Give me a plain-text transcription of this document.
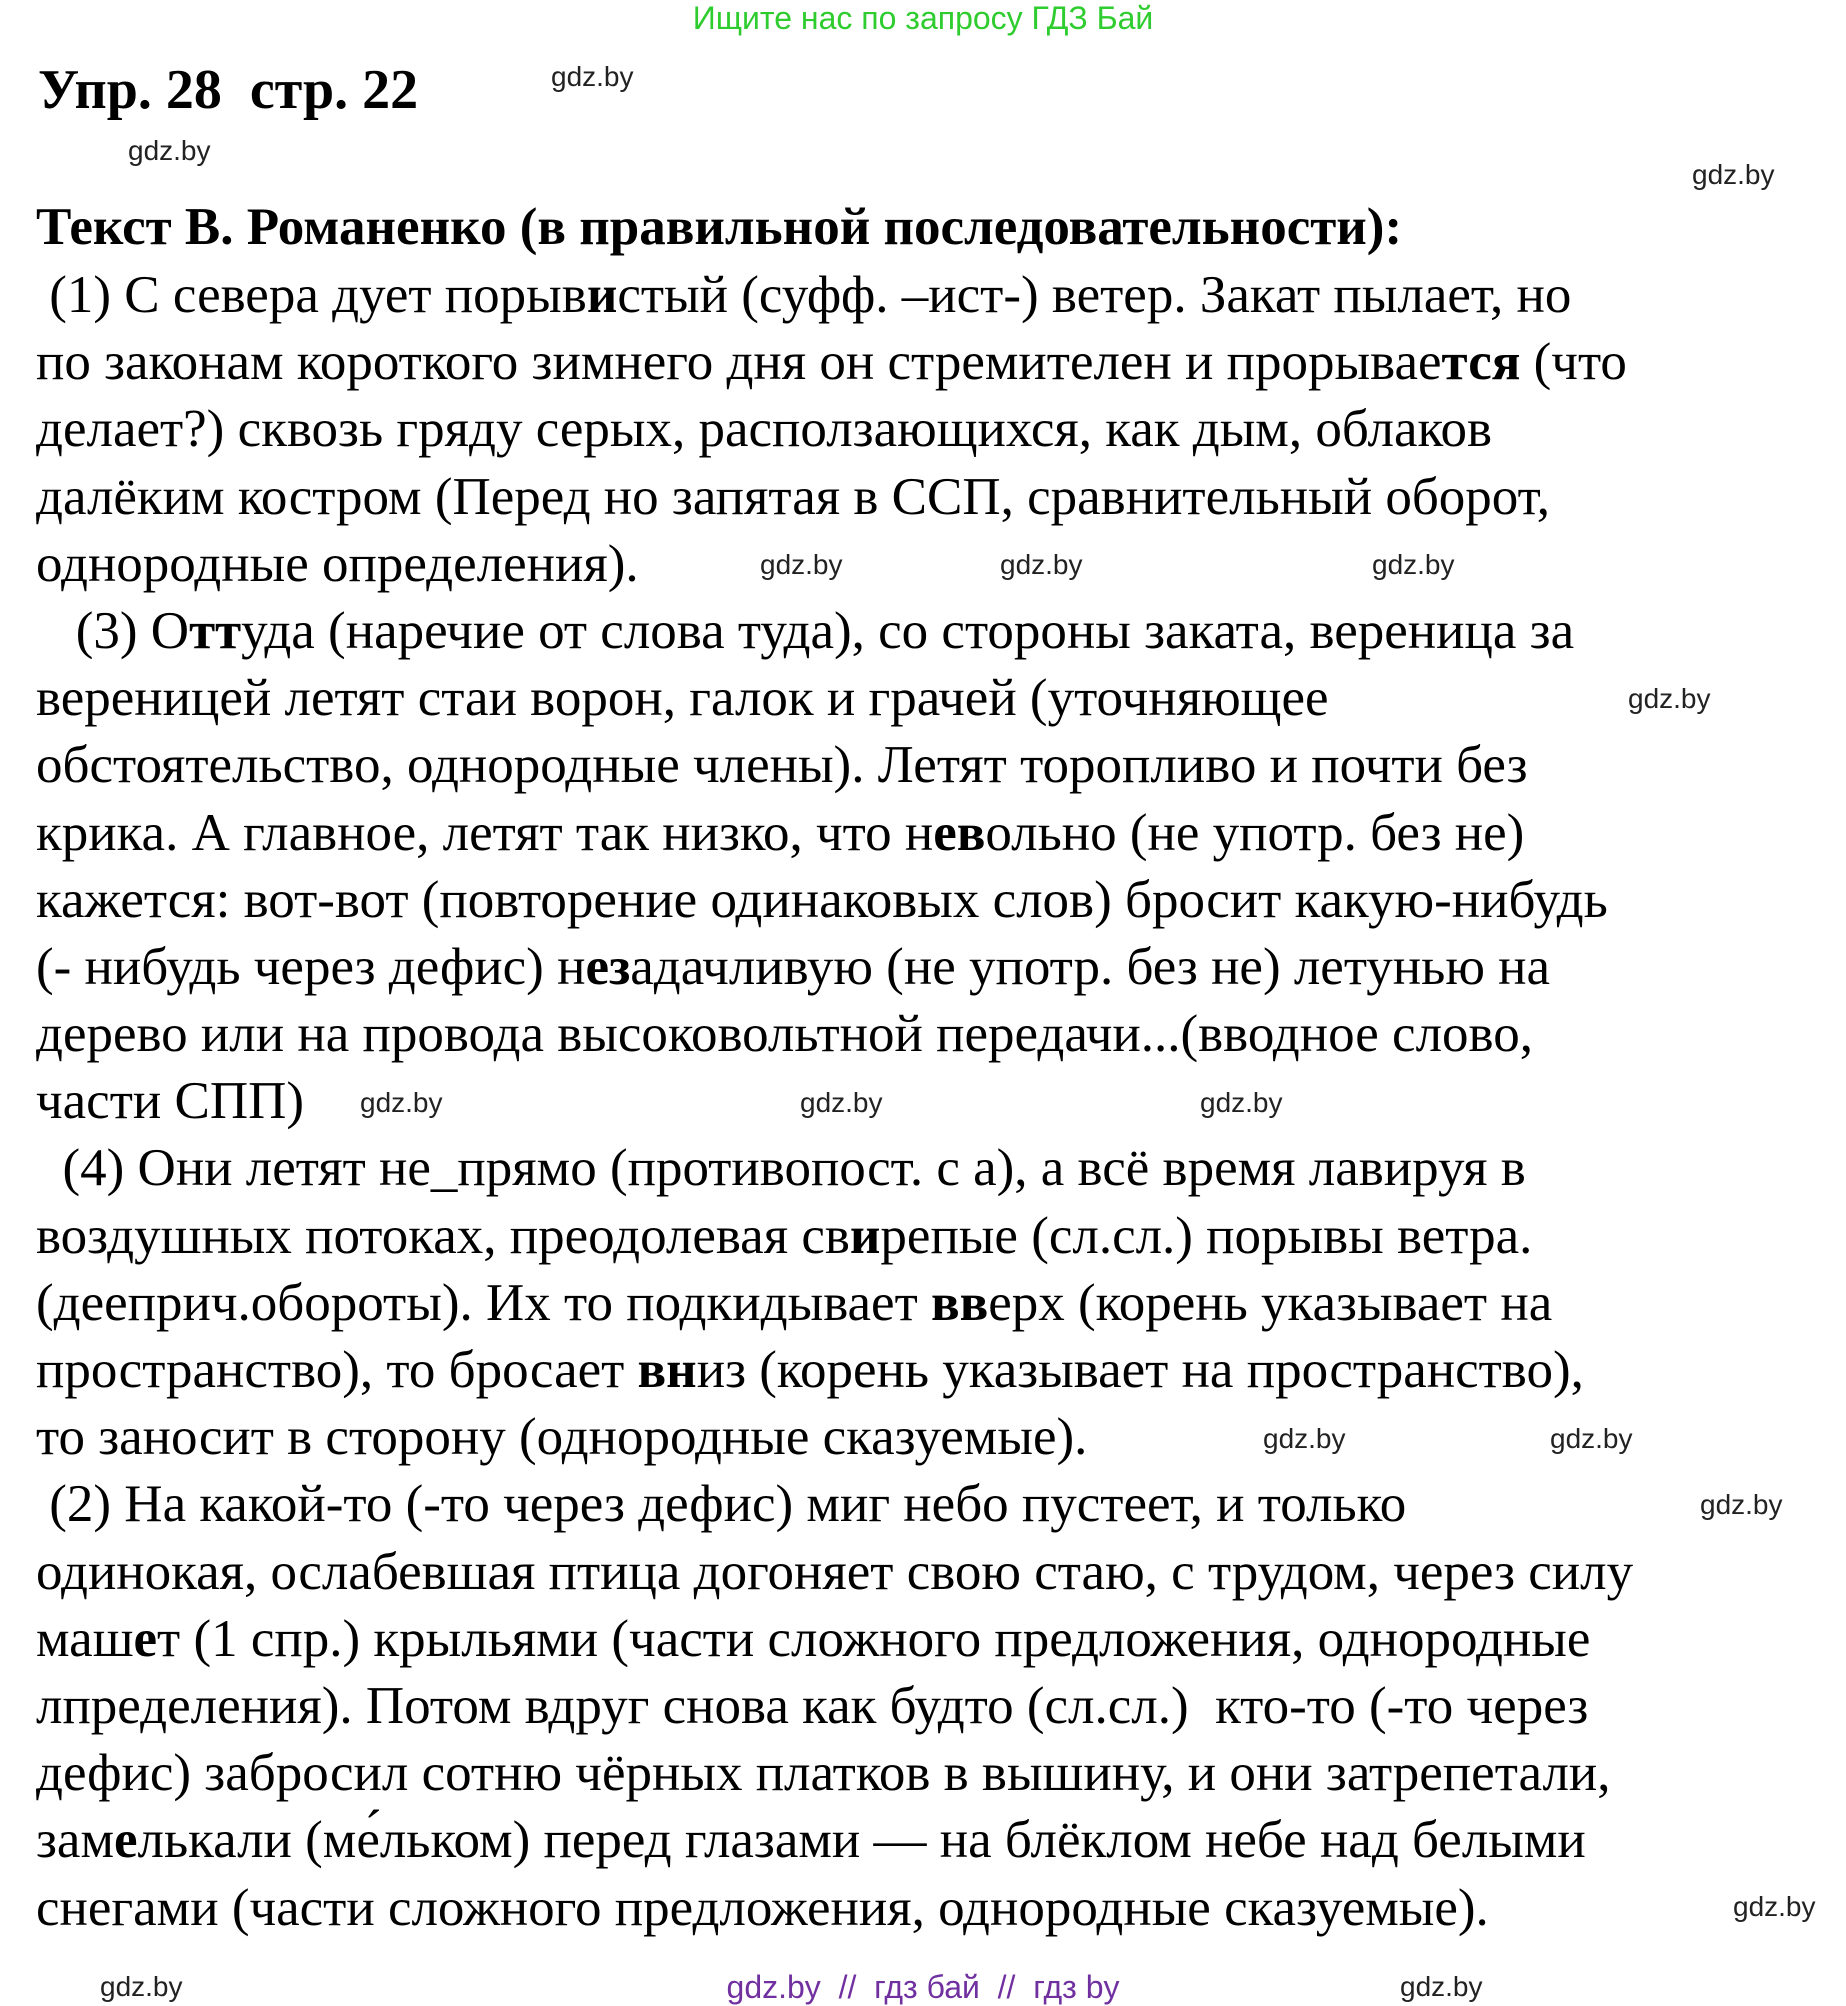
Ищите нас по запросу ГДЗ Бай
Упр. 28  стр. 22
Текст В. Романенко (в правильной последовательности):
(1) С севера дует порывистый (суфф. –ист-) ветер. Закат пылает, но
по законам короткого зимнего дня он стремителен и прорывается (что
делает?) сквозь гряду серых, расползающихся, как дым, облаков
далёким костром (Перед но запятая в ССП, сравнительный оборот,
однородные определения).
(3) Оттуда (наречие от слова туда), со стороны заката, вереница за
вереницей летят стаи ворон, галок и грачей (уточняющее
обстоятельство, однородные члены). Летят торопливо и почти без
крика. А главное, летят так низко, что невольно (не употр. без не)
кажется: вот-вот (повторение одинаковых слов) бросит какую-нибудь
(- нибудь через дефис) незадачливую (не употр. без не) летунью на
дерево или на провода высоковольтной передачи...(вводное слово,
части СПП)
(4) Они летят не_прямо (противопост. с а), а всё время лавируя в
воздушных потоках, преодолевая свирепые (сл.сл.) порывы ветра.
(дееприч.обороты). Их то подкидывает вверх (корень указывает на
пространство), то бросает вниз (корень указывает на пространство),
то заносит в сторону (однородные сказуемые).
(2) На какой-то (-то через дефис) миг небо пустеет, и только
одинокая, ослабевшая птица догоняет свою стаю, с трудом, через силу
машет (1 спр.) крыльями (части сложного предложения, однородные
лпределения). Потом вдруг снова как будто (сл.сл.)  кто-то (-то через
дефис) забросил сотню чёрных платков в вышину, и они затрепетали,
замелькали (ме́льком) перед глазами — на блёклом небе над белыми
снегами (части сложного предложения, однородные сказуемые).
gdz.by
gdz.by
gdz.by
gdz.by	gdz.by	gdz.by
gdz.by
gdz.by	gdz.by	gdz.by
gdz.by	gdz.by
gdz.by
gdz.by
gdz.by	gdz.by
gdz.by  //  гдз бай  //  гдз by
